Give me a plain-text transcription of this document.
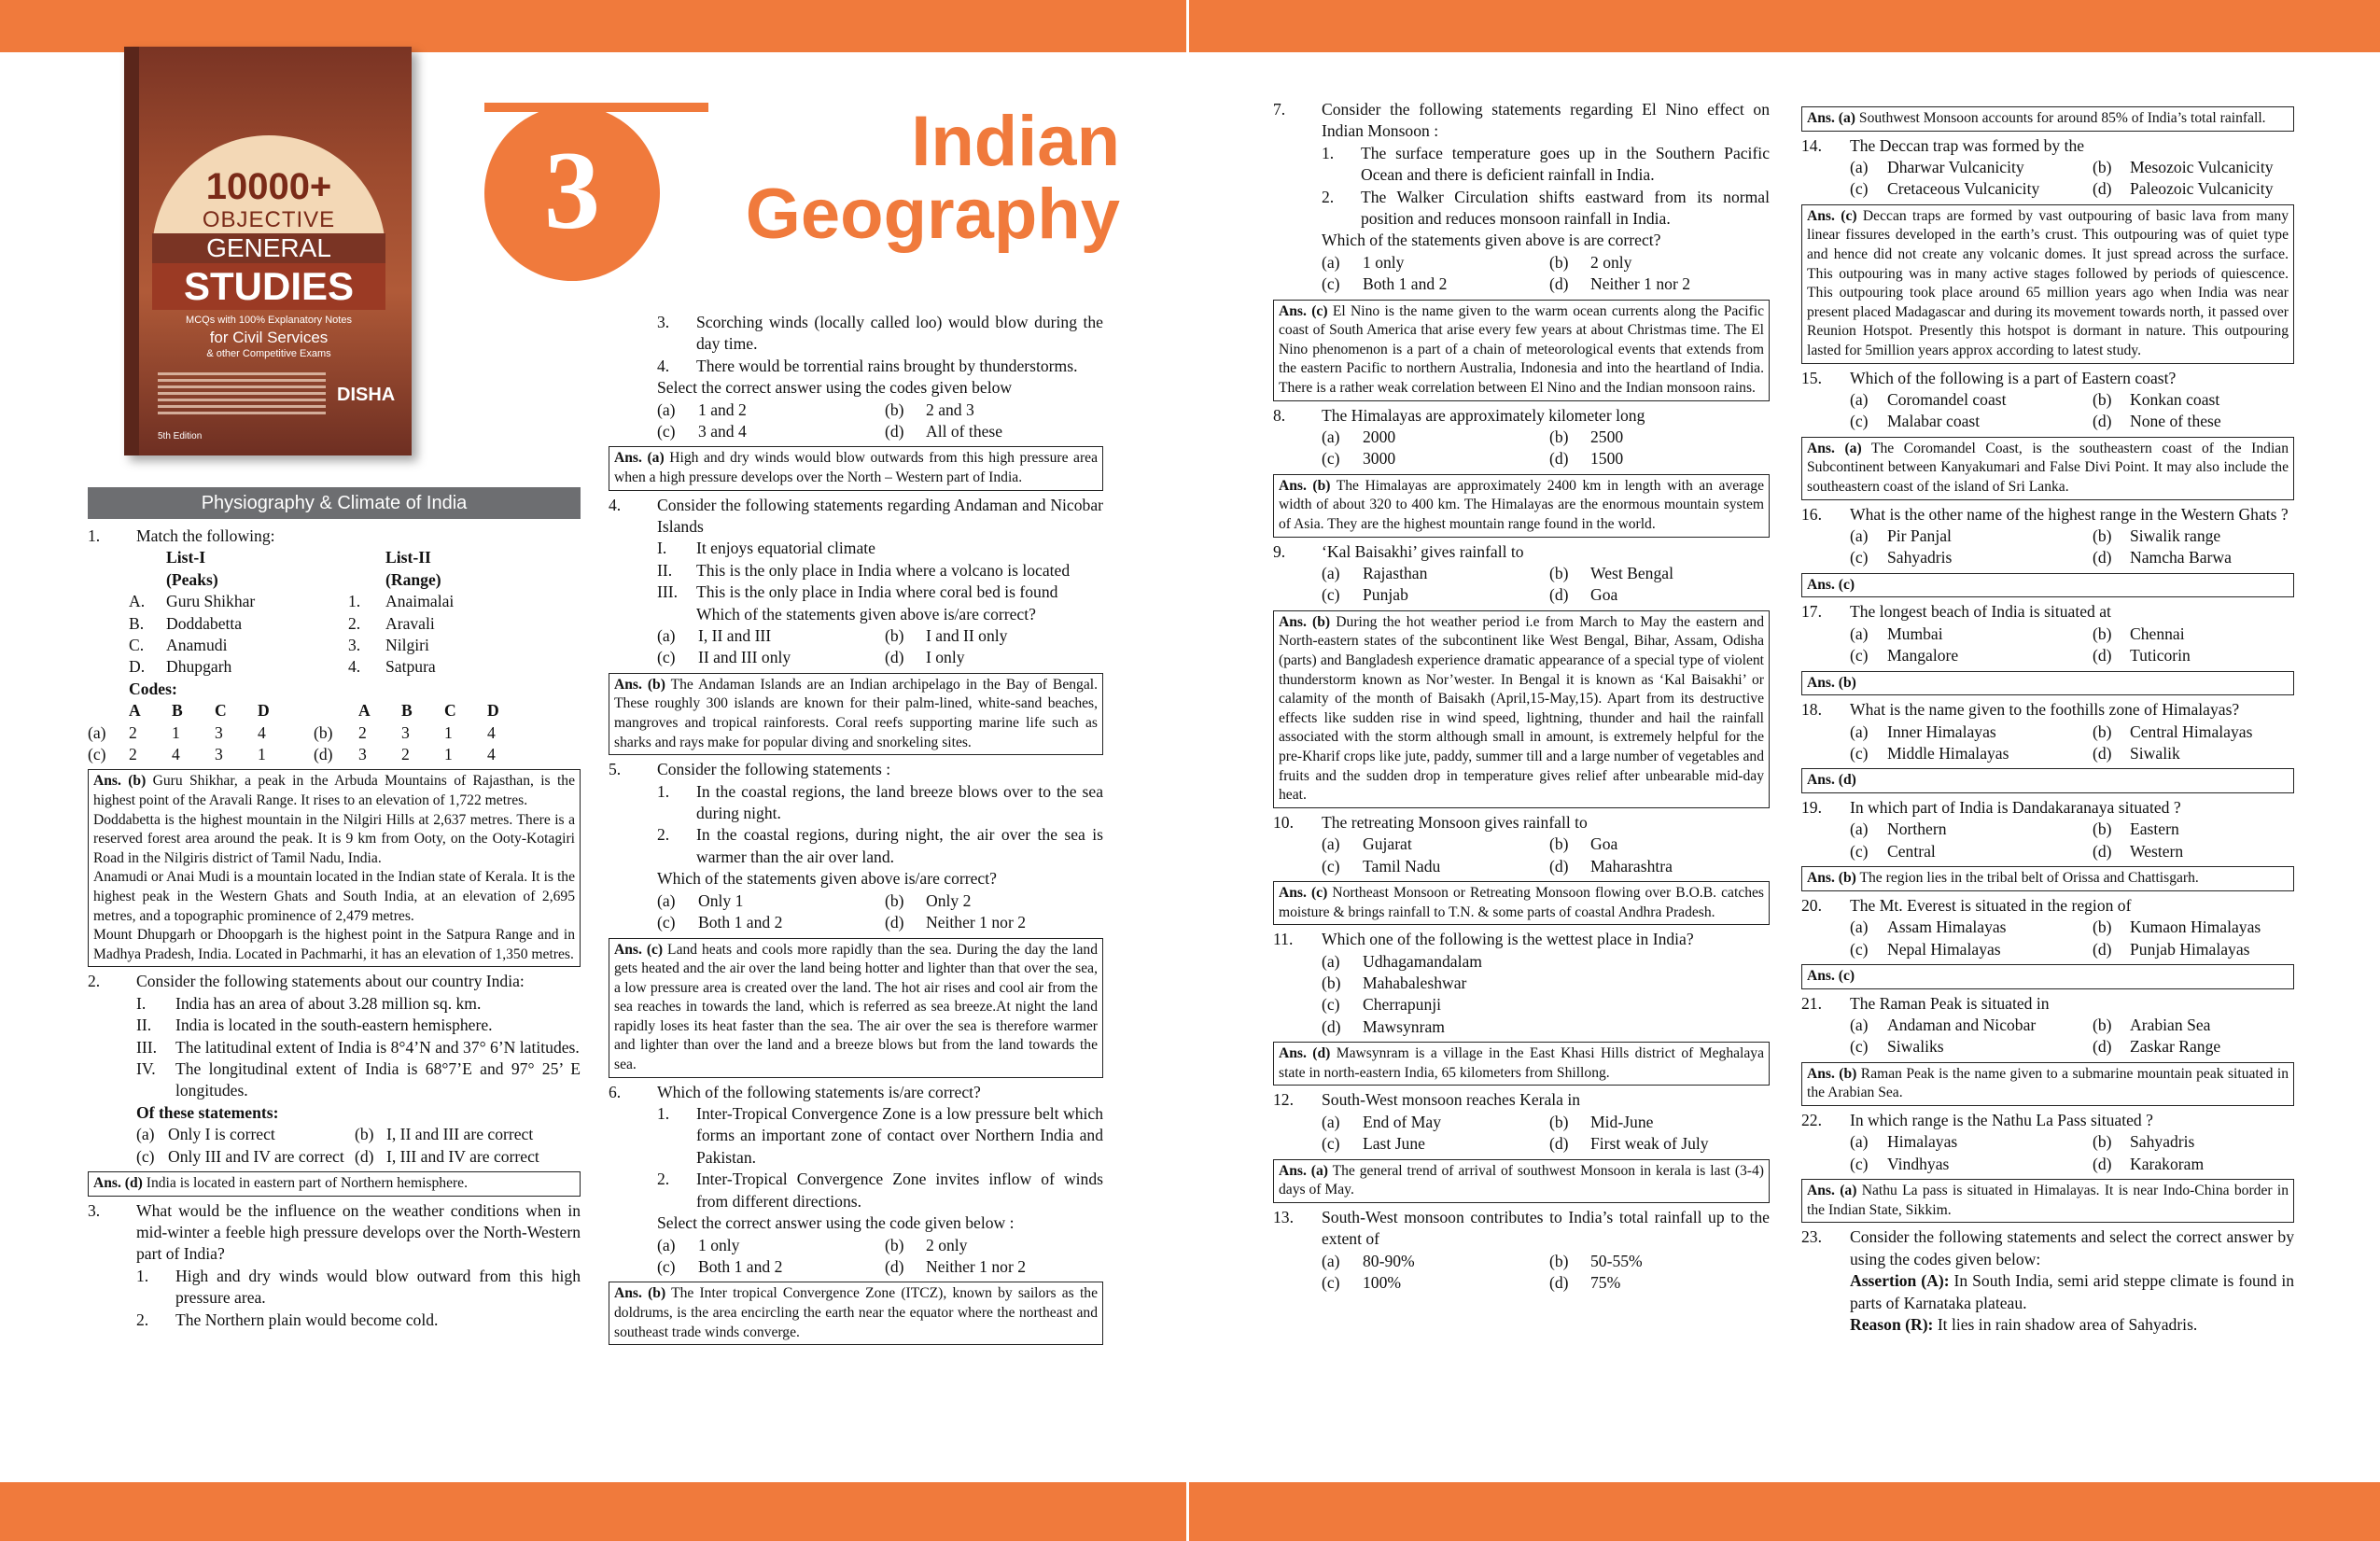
10000+
OBJECTIVE
GENERAL
STUDIES
MCQs with 100% Explanatory Notes
for Civil Services
& other Competitive Exams
DISHA
5th Edition
3	Indian
Geography
Physiography & Climate of India
1.	Match the following:
List-I	List-II
(Peaks)	(Range)
A.	Guru Shikhar	1.	Anaimalai
B.	Doddabetta	2.	Aravali
C.	Anamudi	3.	Nilgiri
D.	Dhupgarh	4.	Satpura
Codes:
A	B	C	D	A	B	C	D
(a)	2	1	3	4	(b)	2	3	1	4
(c)	2	4	3	1	(d)	3	2	1	4

Ans. (b) Guru Shikhar, a peak in the Arbuda Mountains of Rajasthan, is the highest point of the Aravali Range. It rises to an elevation of 1,722 metres.

Doddabetta is the highest mountain in the Nilgiri Hills at 2,637 metres. There is a reserved forest area around the peak. It is 9 km from Ooty, on the Ooty-Kotagiri Road in the Nilgiris district of Tamil Nadu, India.

Anamudi or Anai Mudi is a mountain located in the Indian state of Kerala. It is the highest peak in the Western Ghats and South India, at an elevation of 2,695 metres, and a topographic prominence of 2,479 metres.

Mount Dhupgarh or Dhoopgarh is the highest point in the Satpura Range and in Madhya Pradesh, India. Located in Pachmarhi, it has an elevation of 1,350 metres.

2.	Consider the following statements about our country India:
I.	India has an area of about 3.28 million sq. km.
II.	India is located in the south-eastern hemisphere.
III.	The latitudinal extent of India is 8°4’N and 37° 6’N latitudes.
IV.	The longitudinal extent of India is 68°7’E and 97° 25’ E longitudes.
Of these statements:
(a) Only I is correct	(b) I, II and III are correct
(c) Only III and IV are correct (d) I, III and IV are correct
Ans. (d) India is located in eastern part of Northern hemisphere.
3.	What would be the influence on the weather conditions when in mid-winter a feeble high pressure develops over the North-Western part of India?
1.	High and dry winds would blow outward from this high pressure area.
2.	The Northern plain would become cold.
3.	Scorching winds (locally called loo) would blow during the day time.
4.	There would be torrential rains brought by thunderstorms.
Select the correct answer using the codes given below
(a)	1 and 2	(b)	2 and 3
(c)	3 and 4	(d)	All of these
Ans. (a) High and dry winds would blow outwards from this high pressure area when a high pressure develops over the North – Western part of India.
4.	Consider the following statements regarding Andaman and Nicobar Islands
I.	It enjoys equatorial climate
II.	This is the only place in India where a volcano is located
III.	This is the only place in India where coral bed is found
Which of the statements given above is/are correct?
(a)	I, II and III	(b)	I and II only
(c)	II and III only	(d)	I only
Ans. (b) The Andaman Islands are an Indian archipelago in the Bay of Bengal. These roughly 300 islands are known for their palm-lined, white-sand beaches, mangroves and tropical rainforests. Coral reefs supporting marine life such as sharks and rays make for popular diving and snorkeling sites.
5.	Consider the following statements :
1.	In the coastal regions, the land breeze blows over to the sea during night.
2.	In the coastal regions, during night, the air over the sea is warmer than the air over land.
Which of the statements given above is/are correct?
(a)	Only 1	(b)	Only 2
(c)	Both 1 and 2	(d)	Neither 1 nor 2
Ans. (c) Land heats and cools more rapidly than the sea. During the day the land gets heated and the air over the land being hotter and lighter than that over the sea, a low pressure area is created over the land. The hot air rises and cool air from the sea reaches in towards the land, which is referred as sea breeze.At night the land rapidly loses its heat faster than the sea. The air over the sea is therefore warmer and lighter than over the land and a breeze blows but from the land towards the sea.
6.	Which of the following statements is/are correct?
1.	Inter-Tropical Convergence Zone is a low pressure belt which forms an important zone of contact over Northern India and Pakistan.
2.	Inter-Tropical Convergence Zone invites inflow of winds from different directions.
Select the correct answer using the code given below :
(a)	1 only	(b)	2 only
(c)	Both 1 and 2	(d)	Neither 1 nor 2
Ans. (b) The Inter tropical Convergence Zone (ITCZ), known by sailors as the doldrums, is the area encircling the earth near the equator where the northeast and southeast trade winds converge.
7.	Consider the following statements regarding El Nino effect on Indian Monsoon :
1.	The surface temperature goes up in the Southern Pacific Ocean and there is deficient rainfall in India.
2.	The Walker Circulation shifts eastward from its normal position and reduces monsoon rainfall in India.
Which of the statements given above is are correct?
(a)	1 only	(b)	2 only
(c)	Both 1 and 2	(d)	Neither 1 nor 2
Ans. (c) El Nino is the name given to the warm ocean currents along the Pacific coast of South America that arise every few years at about Christmas time. The El Nino phenomenon is a part of a chain of meteorological events that extends from the eastern Pacific to northern Australia, Indonesia and into the heartland of India. There is a rather weak correlation between El Nino and the Indian monsoon rains.
8.	The Himalayas are approximately kilometer long
(a)	2000	(b)	2500
(c)	3000	(d)	1500
Ans. (b) The Himalayas are approximately 2400 km in length with an average width of about 320 to 400 km. The Himalayas are the enormous mountain system of Asia. They are the highest mountain range found in the world.
9.	‘Kal Baisakhi’ gives rainfall to
(a)	Rajasthan	(b)	West Bengal
(c)	Punjab	(d)	Goa
Ans. (b) During the hot weather period i.e from March to May the eastern and North-eastern states of the subcontinent like West Bengal, Bihar, Assam, Odisha (parts) and Bangladesh experience dramatic appearance of a special type of violent thunderstorm known as Nor’wester. In Bengal it is known as ‘Kal Baisakhi’ or calamity of the month of Baisakh (April,15-May,15). Apart from its destructive effects like sudden rise in wind speed, lightning, thunder and hail the rainfall associated with the storm although small in amount, is extremely helpful for the pre-Kharif crops like jute, paddy, summer till and a large number of vegetables and fruits and the sudden drop in temperature gives relief after unbearable mid-day heat.
10.	The retreating Monsoon gives rainfall to
(a)	Gujarat	(b)	Goa
(c)	Tamil Nadu	(d)	Maharashtra
Ans. (c) Northeast Monsoon or Retreating Monsoon flowing over B.O.B. catches moisture & brings rainfall to T.N. & some parts of coastal Andhra Pradesh.
11.	Which one of the following is the wettest place in India?
(a)	Udhagamandalam
(b)	Mahabaleshwar
(c)	Cherrapunji
(d)	Mawsynram
Ans. (d) Mawsynram is a village in the East Khasi Hills district of Meghalaya state in north-eastern India, 65 kilometers from Shillong.
12.	South-West monsoon reaches Kerala in
(a)	End of May	(b)	Mid-June
(c)	Last June	(d)	First weak of July
Ans. (a) The general trend of arrival of southwest Monsoon in kerala is last (3-4) days of May.
13.	South-West monsoon contributes to India’s total rainfall up to the extent of
(a)	80-90%	(b)	50-55%
(c)	100%	(d)	75%
Ans. (a) Southwest Monsoon accounts for around 85% of India’s total rainfall.
14.	The Deccan trap was formed by the
(a)	Dharwar Vulcanicity	(b)	Mesozoic Vulcanicity
(c)	Cretaceous Vulcanicity	(d)	Paleozoic Vulcanicity
Ans. (c) Deccan traps are formed by vast outpouring of basic lava from many linear fissures developed in the earth’s crust. This outpouring was of quiet type and hence did not create any volcanic domes. It just spread across the surface. This outpouring was in many active stages followed by periods of quiescence. This outpouring took place around 65 million years ago when India was near present placed Madagascar and during its movement towards north, it passed over Reunion Hotspot. Presently this hotspot is dormant in nature. This outpouring lasted for 5million years approx according to latest study.
15.	Which of the following is a part of Eastern coast?
(a)	Coromandel coast	(b)	Konkan coast
(c)	Malabar coast	(d)	None of these
Ans. (a) The Coromandel Coast, is the southeastern coast of the Indian Subcontinent between Kanyakumari and False Divi Point. It may also include the southeastern coast of the island of Sri Lanka.
16.	What is the other name of the highest range in the Western Ghats ?
(a)	Pir Panjal	(b)	Siwalik range
(c)	Sahyadris	(d)	Namcha Barwa
Ans. (c)
17.	The longest beach of India is situated at
(a)	Mumbai	(b)	Chennai
(c)	Mangalore	(d)	Tuticorin
Ans. (b)
18.	What is the name given to the foothills zone of Himalayas?
(a)	Inner Himalayas	(b)	Central Himalayas
(c)	Middle Himalayas	(d)	Siwalik
Ans. (d)
19.	In which part of India is Dandakaranaya situated ?
(a)	Northern	(b)	Eastern
(c)	Central	(d)	Western
Ans. (b) The region lies in the tribal belt of Orissa and Chattisgarh.
20.	The Mt. Everest is situated in the region of
(a)	Assam Himalayas	(b)	Kumaon Himalayas
(c)	Nepal Himalayas	(d)	Punjab Himalayas
Ans. (c)
21.	The Raman Peak is situated in
(a)	Andaman and Nicobar	(b)	Arabian Sea
(c)	Siwaliks	(d)	Zaskar Range
Ans. (b) Raman Peak is the name given to a submarine mountain peak situated in the Arabian Sea.
22.	In which range is the Nathu La Pass situated ?
(a)	Himalayas	(b)	Sahyadris
(c)	Vindhyas	(d)	Karakoram
Ans. (a) Nathu La pass is situated in Himalayas. It is near Indo-China border in the Indian State, Sikkim.
23.	Consider the following statements and select the correct answer by using the codes given below:
Assertion (A): In South India, semi arid steppe climate is found in parts of Karnataka plateau.
Reason (R): It lies in rain shadow area of Sahyadris.
